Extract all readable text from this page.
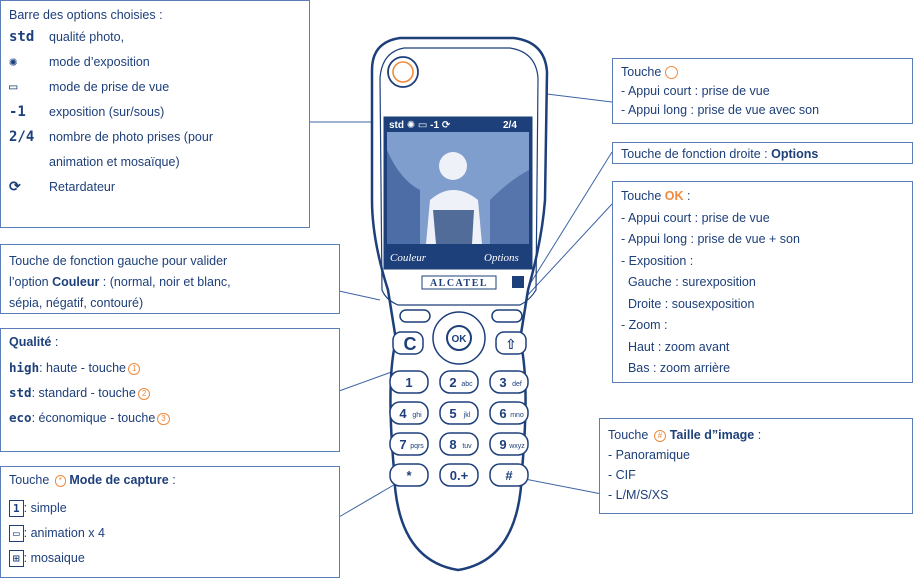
std ✺ ▭ -1 ⟳	2/4
Couleur	Options
ALCATEL
OK
C	⇧
1	2 abc 3 def
4 ghi 5 jkl 6 mno
7 pqrs 8 tuv 9 wxyz
*	0.+	#
Barre des options choisies :
std	qualité photo,
✺	mode d’exposition
▭	mode de prise de vue
-1	exposition (sur/sous)
2/4	nombre de photo prises (pour
animation et mosaïque)
⟳	Retardateur
Touche de fonction gauche pour valider
l’option Couleur : (normal, noir et blanc,
sépia, négatif, contouré)
Qualité :
high : haute - touche 1
std : standard - touche 2
eco : économique - touche 3
Touche * Mode de capture :
1 : simple
▭ : animation x 4
⊞ : mosaique
Touche
- Appui court : prise de vue
- Appui long : prise de vue avec son
Touche de fonction droite : Options
Touche OK :
- Appui court : prise de vue
- Appui long : prise de vue + son
- Exposition :
Gauche : surexposition
Droite : sousexposition
- Zoom :
Haut : zoom avant
Bas : zoom arrière
Touche # Taille d”image :
- Panoramique
- CIF
- L/M/S/XS
